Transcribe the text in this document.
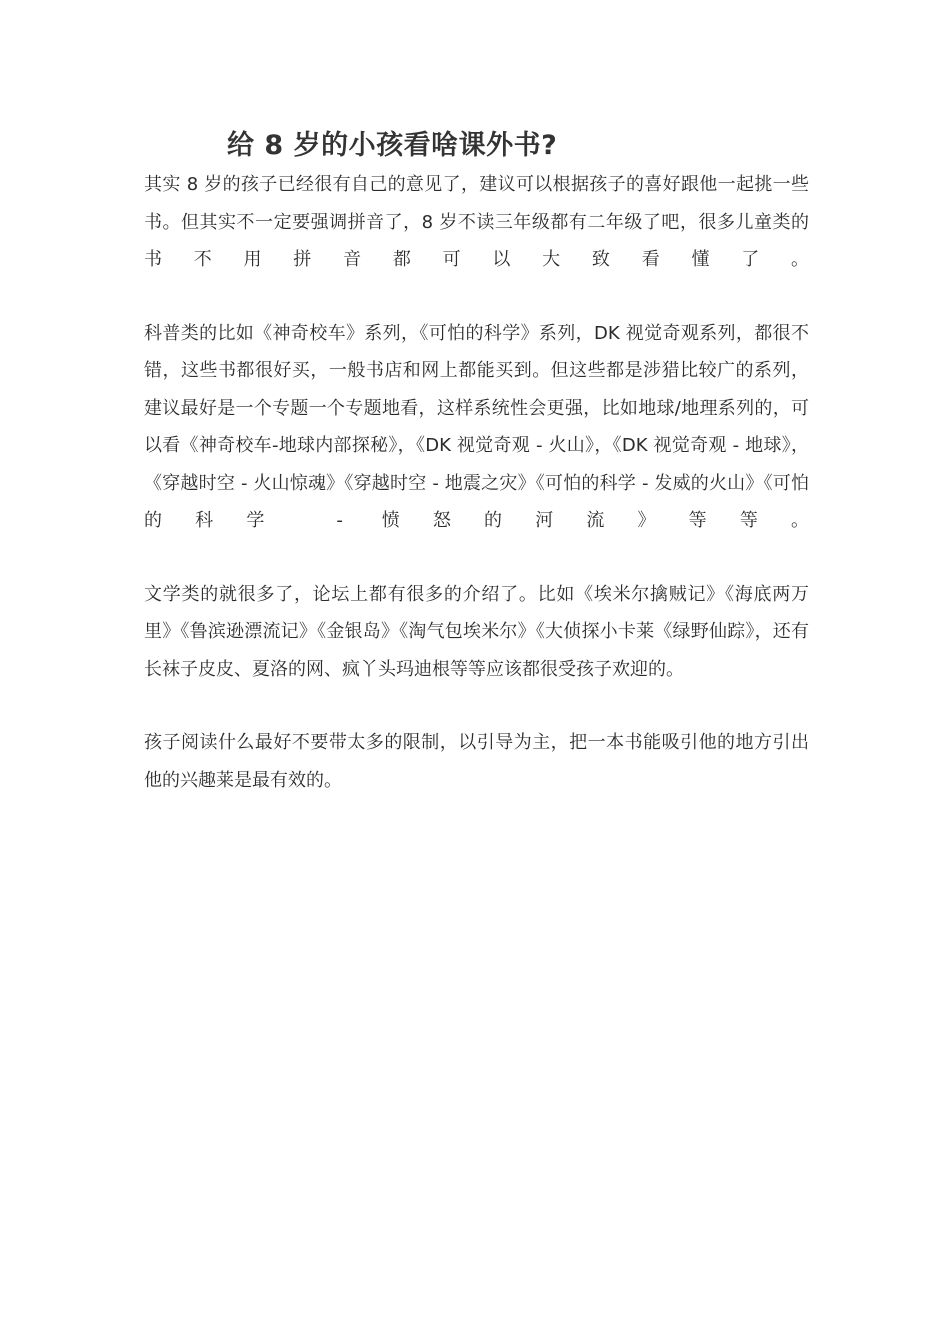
给 8 岁的小孩看啥课外书?

其实 8 岁的孩子已经很有自己的意见了，建议可以根据孩子的喜好跟他一起挑一些书。但其实不一定要强调拼音了，8 岁不读三年级都有二年级了吧，很多儿童类的书不用拼音都可以大致看懂了。

科普类的比如《神奇校车》系列，《可怕的科学》系列，DK 视觉奇观系列，都很不错，这些书都很好买，一般书店和网上都能买到。但这些都是涉猎比较广的系列，建议最好是一个专题一个专题地看，这样系统性会更强，比如地球/地理系列的，可以看《神奇校车-地球内部探秘》，《DK 视觉奇观 - 火山》，《DK 视觉奇观 - 地球》，《穿越时空 - 火山惊魂》《穿越时空 - 地震之灾》《可怕的科学 - 发威的火山》《可怕的科学 - 愤怒的河流》等等。

文学类的就很多了，论坛上都有很多的介绍了。比如《埃米尔擒贼记》《海底两万里》《鲁滨逊漂流记》《金银岛》《淘气包埃米尔》《大侦探小卡莱《绿野仙踪》，还有长袜子皮皮、夏洛的网、疯丫头玛迪根等等应该都很受孩子欢迎的。

孩子阅读什么最好不要带太多的限制，以引导为主，把一本书能吸引他的地方引出他的兴趣莱是最有效的。
